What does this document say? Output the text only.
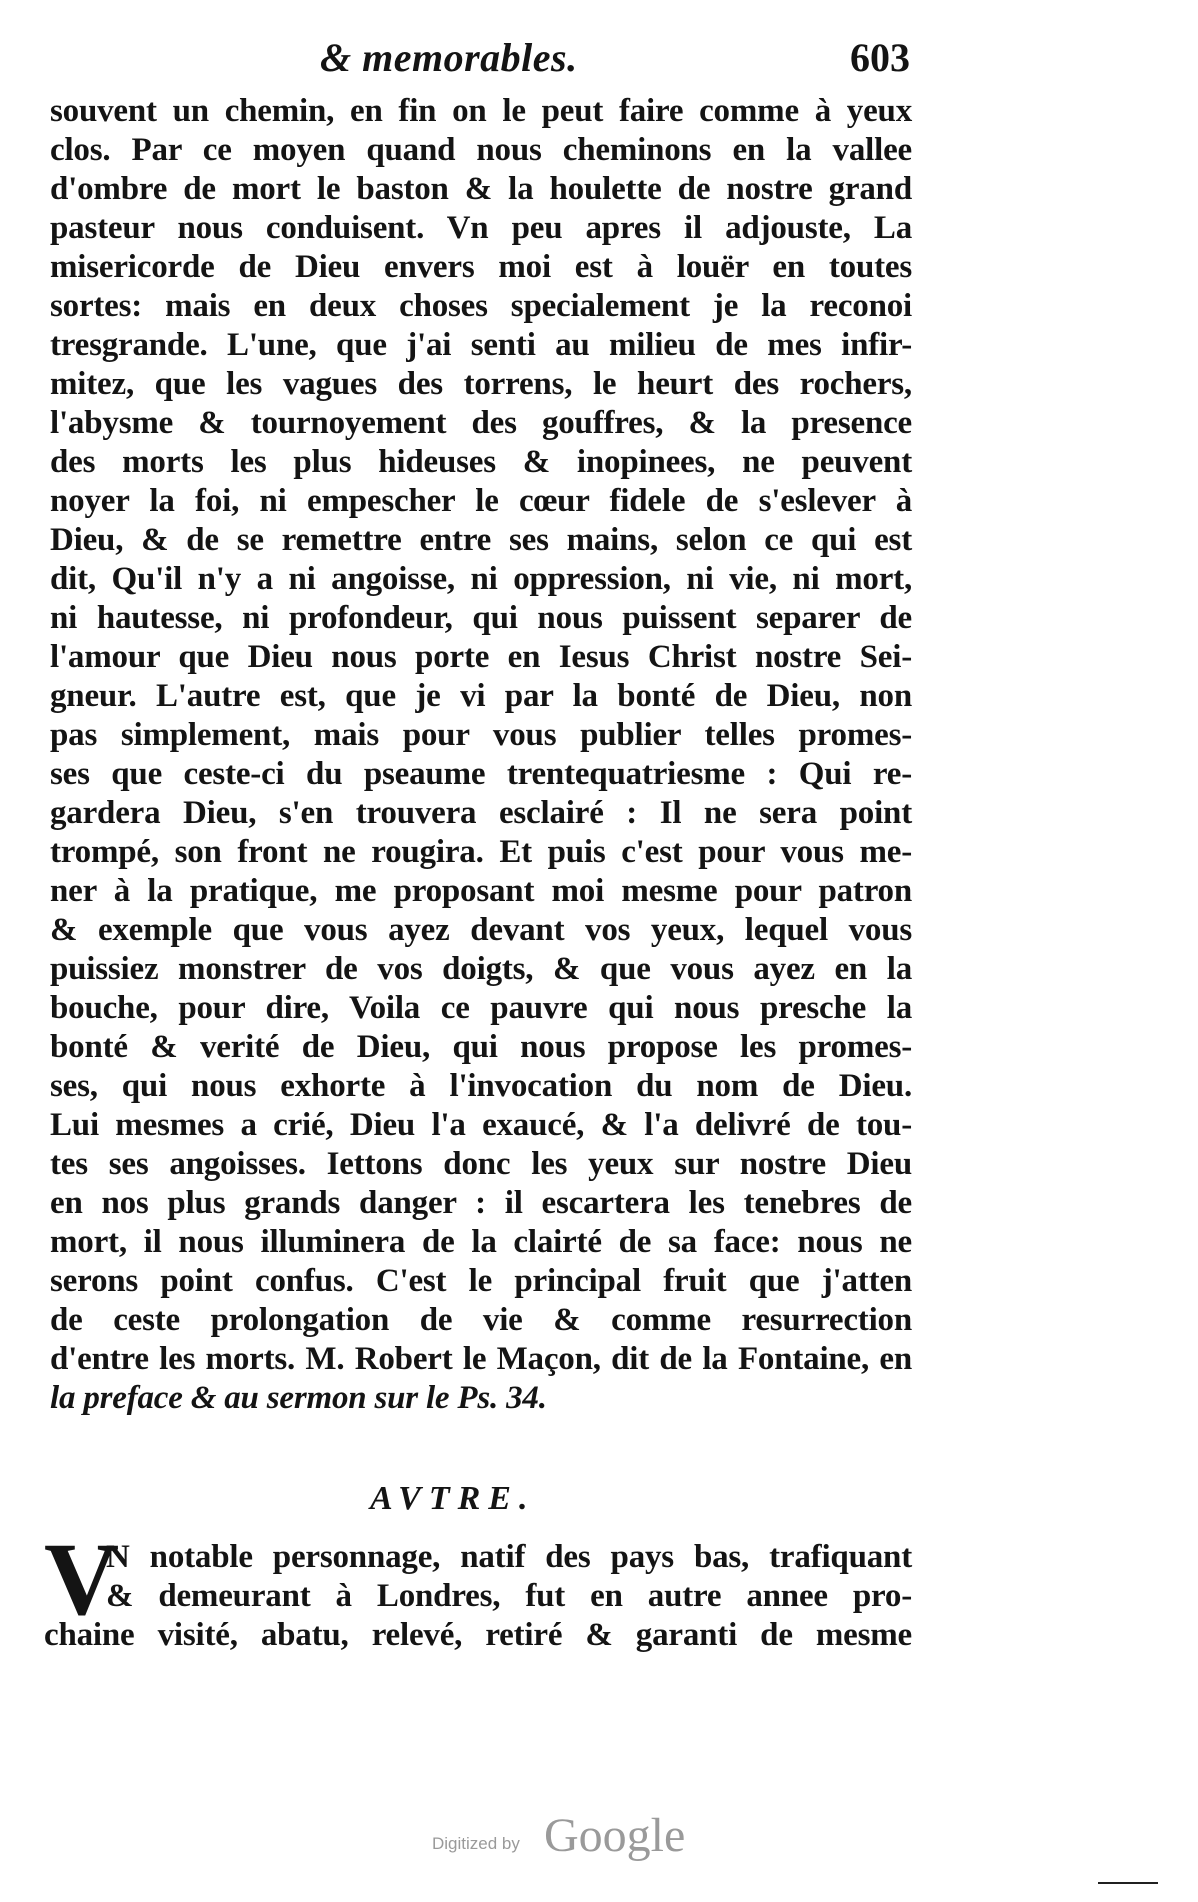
& memorables.	603
souvent un chemin, en fin on le peut faire comme à yeux
clos. Par ce moyen quand nous cheminons en la vallee
d'ombre de mort le baston & la houlette de nostre grand
pasteur nous conduisent. Vn peu apres il adjouste, La
misericorde de Dieu envers moi est à louër en toutes
sortes: mais en deux choses specialement je la reconoi
tresgrande. L'une, que j'ai senti au milieu de mes infir-
mitez, que les vagues des torrens, le heurt des rochers,
l'abysme & tournoyement des gouffres, & la presence
des morts les plus hideuses & inopinees, ne peuvent
noyer la foi, ni empescher le cœur fidele de s'eslever à
Dieu, & de se remettre entre ses mains, selon ce qui est
dit, Qu'il n'y a ni angoisse, ni oppression, ni vie, ni mort,
ni hautesse, ni profondeur, qui nous puissent separer de
l'amour que Dieu nous porte en Iesus Christ nostre Sei-
gneur. L'autre est, que je vi par la bonté de Dieu, non
pas simplement, mais pour vous publier telles promes-
ses que ceste-ci du pseaume trentequatriesme : Qui re-
gardera Dieu, s'en trouvera esclairé : Il ne sera point
trompé, son front ne rougira. Et puis c'est pour vous me-
ner à la pratique, me proposant moi mesme pour patron
& exemple que vous ayez devant vos yeux, lequel vous
puissiez monstrer de vos doigts, & que vous ayez en la
bouche, pour dire, Voila ce pauvre qui nous presche la
bonté & verité de Dieu, qui nous propose les promes-
ses, qui nous exhorte à l'invocation du nom de Dieu.
Lui mesmes a crié, Dieu l'a exaucé, & l'a delivré de tou-
tes ses angoisses. Iettons donc les yeux sur nostre Dieu
en nos plus grands danger : il escartera les tenebres de
mort, il nous illuminera de la clairté de sa face: nous ne
serons point confus. C'est le principal fruit que j'atten
de ceste prolongation de vie & comme resurrection
d'entre les morts. M. Robert le Maçon, dit de la Fontaine, en
la preface & au sermon sur le Ps. 34.
AVTRE.
V
N notable personnage, natif des pays bas, trafiquant
& demeurant à Londres, fut en autre annee pro-
chaine visité, abatu, relevé, retiré & garanti de mesme
Digitized by Google
